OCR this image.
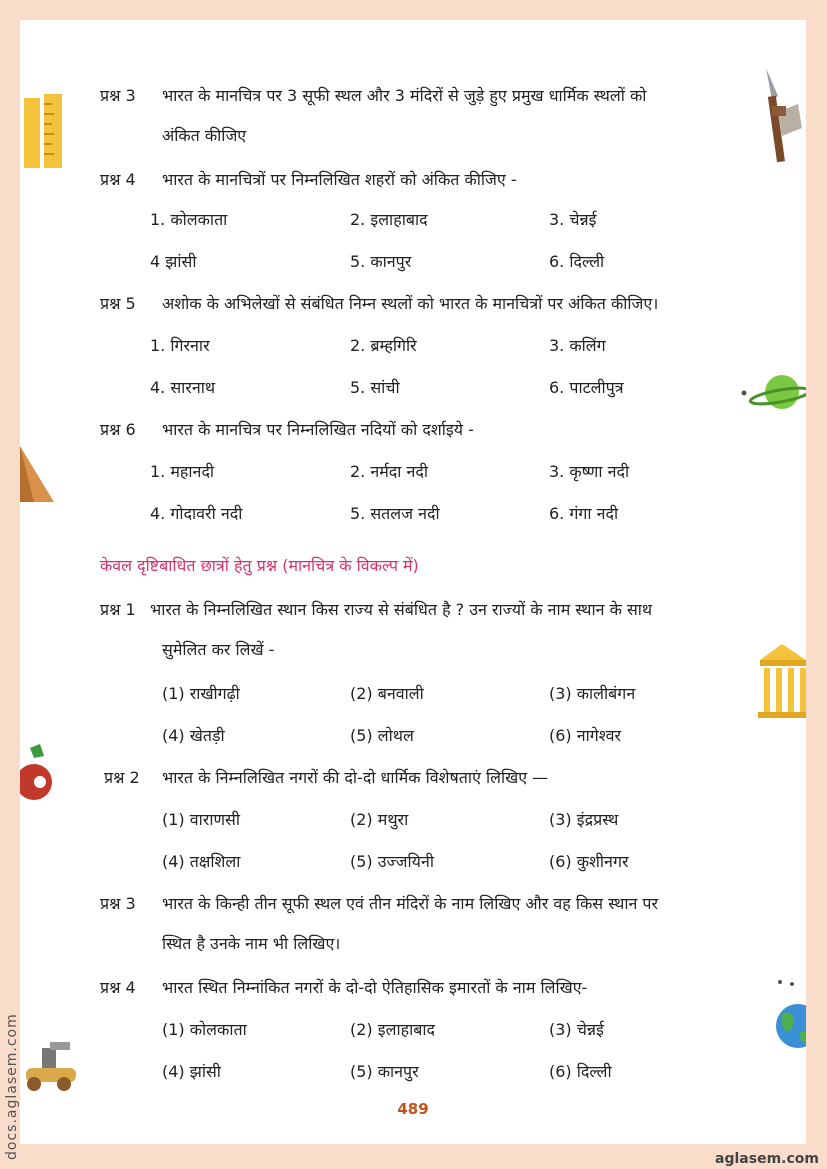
प्रश्न 3 भारत के मानचित्र पर 3 सूफी स्थल और 3 मंदिरों से जुड़े हुए प्रमुख धार्मिक स्थलों को
अंकित कीजिए
प्रश्न 4 भारत के मानचित्रों पर निम्नलिखित शहरों को अंकित कीजिए -
1. कोलकाता	2. इलाहाबाद	3. चेन्नई
4 झांसी	5. कानपुर	6. दिल्ली
प्रश्न 5 अशोक के अभिलेखों से संबंधित निम्न स्थलों को भारत के मानचित्रों पर अंकित कीजिए।
1. गिरनार	2. ब्रम्हगिरि	3. कलिंग
4. सारनाथ	5. सांची	6. पाटलीपुत्र
प्रश्न 6 भारत के मानचित्र पर निम्नलिखित नदियों को दर्शाइये -
1. महानदी	2. नर्मदा नदी	3. कृष्णा नदी
4. गोदावरी नदी	5. सतलज नदी	6. गंगा नदी
केवल दृष्टिबाधित छात्रों हेतु प्रश्न (मानचित्र के विकल्प में)
प्रश्न 1 भारत के निम्नलिखित स्थान किस राज्य से संबंधित है ? उन राज्यों के नाम स्थान के साथ
सुमेलित कर लिखें -
(1) राखीगढ़ी	(2) बनवाली	(3) कालीबंगन
(4) खेतड़ी	(5) लोथल	(6) नागेश्वर
प्रश्न 2 भारत के निम्नलिखित नगरों की दो-दो धार्मिक विशेषताएं लिखिए —
(1) वाराणसी	(2) मथुरा	(3) इंद्रप्रस्थ
(4) तक्षशिला	(5) उज्जयिनी	(6) कुशीनगर
प्रश्न 3 भारत के किन्ही तीन सूफी स्थल एवं तीन मंदिरों के नाम लिखिए और वह किस स्थान पर
स्थित है उनके नाम भी लिखिए।
प्रश्न 4 भारत स्थित निम्नांकित नगरों के दो-दो ऐतिहासिक इमारतों के नाम लिखिए-
(1) कोलकाता	(2) इलाहाबाद	(3) चेन्नई
(4) झांसी	(5) कानपुर	(6) दिल्ली
489
docs.aglasem.com	aglasem.com
